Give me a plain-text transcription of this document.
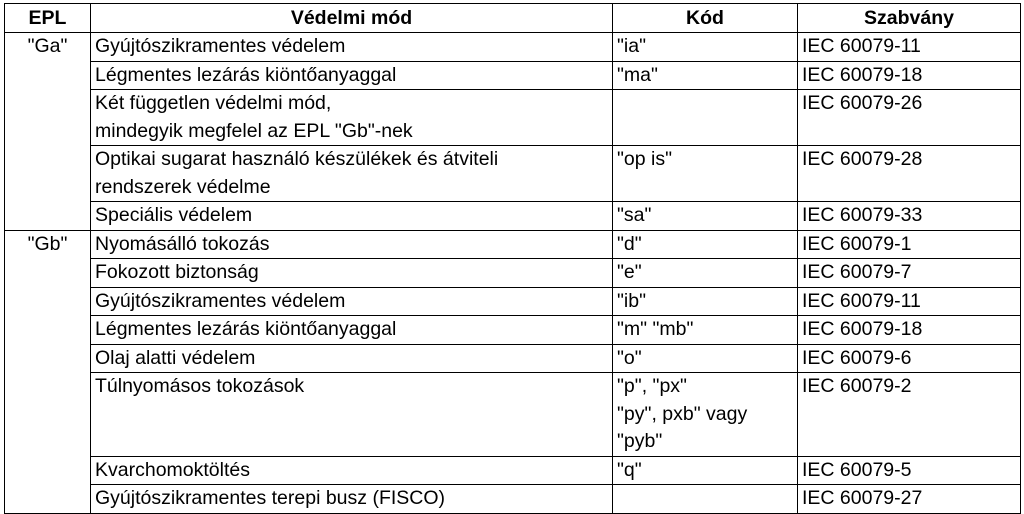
EPL	Védelmi mód	Kód	Szabvány
"Ga"	Gyújtószikramentes védelem	"ia"	IEC 60079-11

	Légmentes lezárás kiöntőanyaggal	"ma"	IEC 60079-18

	Két független védelmi mód,
mindegyik megfelel az EPL "Gb"-nek		IEC 60079-26

	Optikai sugarat használó készülékek és átviteli
rendszerek védelme	"op is"	IEC 60079-28

	Speciális védelem	"sa"	IEC 60079-33
"Gb"	Nyomásálló tokozás	"d"	IEC 60079-1

	Fokozott biztonság	"e"	IEC 60079-7

	Gyújtószikramentes védelem	"ib"	IEC 60079-11

	Légmentes lezárás kiöntőanyaggal	"m" "mb"	IEC 60079-18

	Olaj alatti védelem	"o"	IEC 60079-6

	Túlnyomásos tokozások	"p", "px"
"py", pxb" vagy
"pyb"	IEC 60079-2

	Kvarchomoktöltés	"q"	IEC 60079-5

	Gyújtószikramentes terepi busz (FISCO)		IEC 60079-27
